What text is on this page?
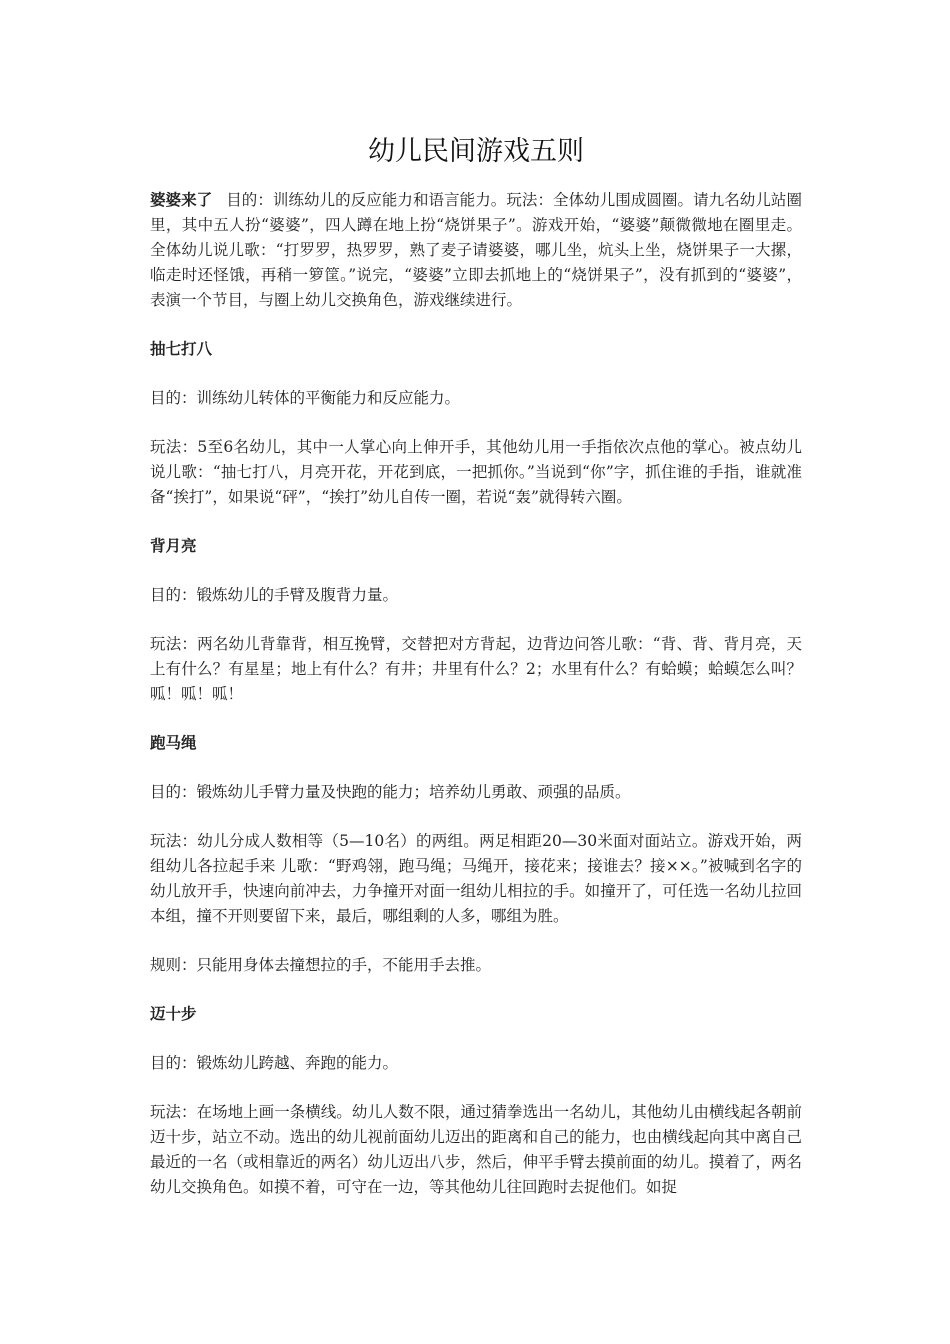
幼儿民间游戏五则

婆婆来了 目的：训练幼儿的反应能力和语言能力。玩法：全体幼儿围成圆圈。请九名幼儿站圈里，其中五人扮“婆婆”，四人蹲在地上扮“烧饼果子”。游戏开始，“婆婆”颠微微地在圈里走。全体幼儿说儿歌：“打罗罗，热罗罗，熟了麦子请婆婆，哪儿坐，炕头上坐，烧饼果子一大摞，临走时还怪饿，再稍一箩筐。”说完，“婆婆”立即去抓地上的“烧饼果子”，没有抓到的“婆婆”，表演一个节目，与圈上幼儿交换角色，游戏继续进行。

抽七打八

目的：训练幼儿转体的平衡能力和反应能力。

玩法：5至6名幼儿，其中一人掌心向上伸开手，其他幼儿用一手指依次点他的掌心。被点幼儿说儿歌：“抽七打八，月亮开花，开花到底，一把抓你。”当说到“你”字，抓住谁的手指，谁就准备“挨打”，如果说“砰”，“挨打”幼儿自传一圈，若说“轰”就得转六圈。

背月亮

目的：锻炼幼儿的手臂及腹背力量。

玩法：两名幼儿背靠背，相互挽臂，交替把对方背起，边背边问答儿歌：“背、背、背月亮，天上有什么？有星星；地上有什么？有井；井里有什么？2；水里有什么？有蛤蟆；蛤蟆怎么叫？呱！呱！呱！

跑马绳

目的：锻炼幼儿手臂力量及快跑的能力；培养幼儿勇敢、顽强的品质。

玩法：幼儿分成人数相等（5—10名）的两组。两足相距20—30米面对面站立。游戏开始，两组幼儿各拉起手来 儿歌：“野鸡翎，跑马绳；马绳开，接花来；接谁去？接××。”被喊到名字的幼儿放开手，快速向前冲去，力争撞开对面一组幼儿相拉的手。如撞开了，可任选一名幼儿拉回本组，撞不开则要留下来，最后，哪组剩的人多，哪组为胜。

规则：只能用身体去撞想拉的手，不能用手去推。

迈十步

目的：锻炼幼儿跨越、奔跑的能力。

玩法：在场地上画一条横线。幼儿人数不限，通过猜拳选出一名幼儿，其他幼儿由横线起各朝前迈十步，站立不动。选出的幼儿视前面幼儿迈出的距离和自己的能力，也由横线起向其中离自己最近的一名（或相靠近的两名）幼儿迈出八步，然后，伸平手臂去摸前面的幼儿。摸着了，两名幼儿交换角色。如摸不着，可守在一边，等其他幼儿往回跑时去捉他们。如捉
